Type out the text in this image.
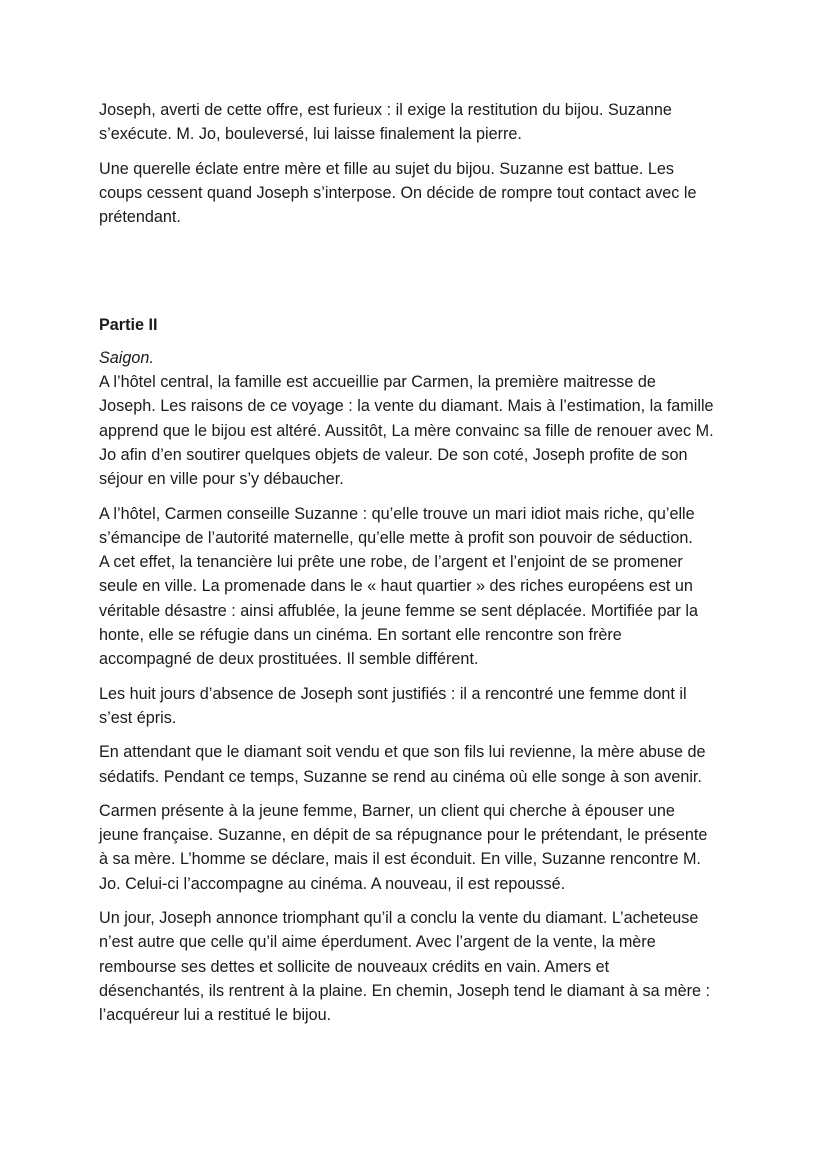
Joseph, averti de cette offre, est furieux : il exige la restitution du bijou. Suzanne
s’exécute. M. Jo, bouleversé, lui laisse finalement la pierre.
Une querelle éclate entre mère et fille au sujet du bijou. Suzanne est battue. Les
coups cessent quand Joseph s’interpose. On décide de rompre tout contact avec le
prétendant.

Partie II

Saigon.
A l’hôtel central, la famille est accueillie par Carmen, la première maitresse de
Joseph. Les raisons de ce voyage : la vente du diamant. Mais à l’estimation, la famille
apprend que le bijou est altéré. Aussitôt, La mère convainc sa fille de renouer avec M.
Jo afin d’en soutirer quelques objets de valeur. De son coté, Joseph profite de son
séjour en ville pour s’y débaucher.
A l’hôtel, Carmen conseille Suzanne : qu’elle trouve un mari idiot mais riche, qu’elle
s’émancipe de l’autorité maternelle, qu’elle mette à profit son pouvoir de séduction.
A cet effet, la tenancière lui prête une robe, de l’argent et l’enjoint de se promener
seule en ville. La promenade dans le « haut quartier » des riches européens est un
véritable désastre : ainsi affublée, la jeune femme se sent déplacée. Mortifiée par la
honte, elle se réfugie dans un cinéma. En sortant elle rencontre son frère
accompagné de deux prostituées. Il semble différent.
Les huit jours d’absence de Joseph sont justifiés : il a rencontré une femme dont il
s’est épris.
En attendant que le diamant soit vendu et que son fils lui revienne, la mère abuse de
sédatifs. Pendant ce temps, Suzanne se rend au cinéma où elle songe à son avenir.
Carmen présente à la jeune femme, Barner, un client qui cherche à épouser une
jeune française. Suzanne, en dépit de sa répugnance pour le prétendant, le présente
à sa mère. L’homme se déclare, mais il est éconduit. En ville, Suzanne rencontre M.
Jo. Celui-ci l’accompagne au cinéma. A nouveau, il est repoussé.
Un jour, Joseph annonce triomphant qu’il a conclu la vente du diamant. L’acheteuse
n’est autre que celle qu’il aime éperdument. Avec l’argent de la vente, la mère
rembourse ses dettes et sollicite de nouveaux crédits en vain. Amers et
désenchantés, ils rentrent à la plaine. En chemin, Joseph tend le diamant à sa mère :
l’acquéreur lui a restitué le bijou.
